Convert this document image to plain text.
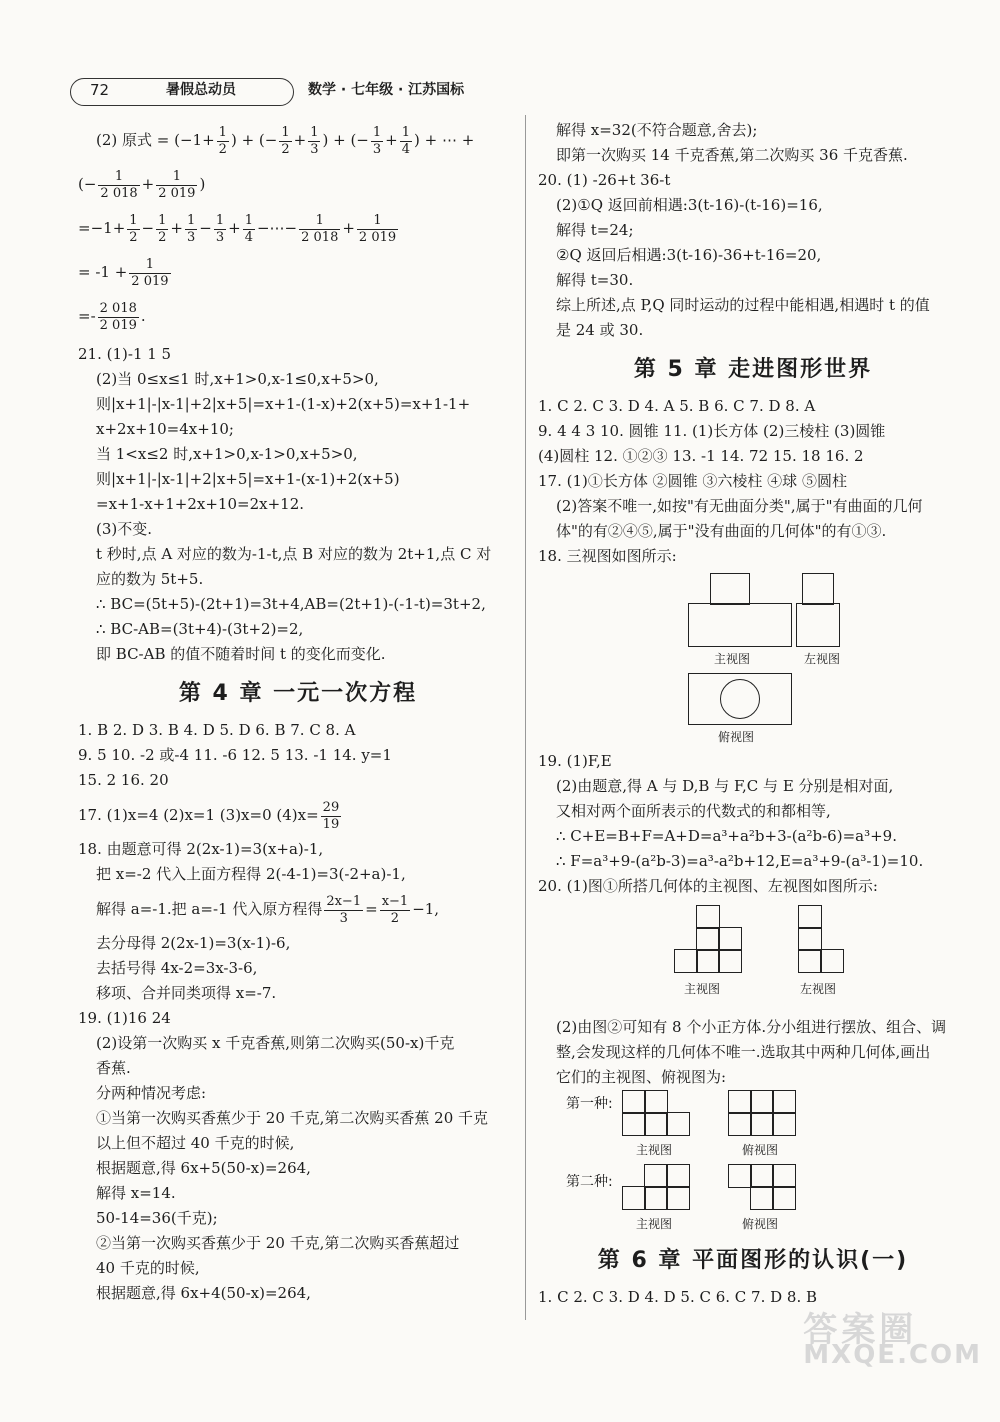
72	暑假总动员	数学 · 七年级 · 江苏国标
(2) 原式 = ($-1+ \frac{1}{2}$ ) + (− $\frac{1}{2} + \frac{1}{3}$ ) + (− $\frac{1}{3} + \frac{1}{4}$ ) + ⋯ +
(− $\frac{1}{2 018} + \frac{1}{2 019}$ )
$=-1+ \frac{1}{2} - \frac{1}{2} + \frac{1}{3} - \frac{1}{3} + \frac{1}{4}$ −⋯− $\frac{1}{2 018} + \frac{1}{2 019}$
= $-1 + \frac{1}{2 019}$
=- $\frac{2 018}{2 019}$ .
21. (1)-1 1 5
(2)当 0≤x≤1 时,x+1>0,x-1≤0,x+5>0,
则|x+1|-|x-1|+2|x+5|=x+1-(1-x)+2(x+5)=x+1-1+
x+2x+10=4x+10;
当 1<x≤2 时,x+1>0,x-1>0,x+5>0,
则|x+1|-|x-1|+2|x+5|=x+1-(x-1)+2(x+5)
=x+1-x+1+2x+10=2x+12.
(3)不变.
t 秒时,点 A 对应的数为-1-t,点 B 对应的数为 2t+1,点 C 对
应的数为 5t+5.
∴ BC=(5t+5)-(2t+1)=3t+4,AB=(2t+1)-(-1-t)=3t+2,
∴ BC-AB=(3t+4)-(3t+2)=2,
即 BC-AB 的值不随着时间 t 的变化而变化.
第 4 章 一元一次方程
1. B 2. D 3. B 4. D 5. D 6. B 7. C 8. A
9. 5 10. -2 或-4 11. -6 12. 5 13. -1 14. y=1
15. 2 16. 20
17. (1)x=4 (2)x=1 (3)x=0 $(4)x= \frac{29}{19}$
18. 由题意可得 2(2x-1)=3(x+a)-1,
把 x=-2 代入上面方程得 2(-4-1)=3(-2+a)-1,
解得 a=-1.把 a=-1 代入原方程得 $\frac{2x-1}{3} = \frac{x-1}{2} -1$,
去分母得 2(2x-1)=3(x-1)-6,
去括号得 4x-2=3x-3-6,
移项、合并同类项得 x=-7.
19. (1)16 24
(2)设第一次购买 x 千克香蕉,则第二次购买(50-x)千克
香蕉.
分两种情况考虑:
①当第一次购买香蕉少于 20 千克,第二次购买香蕉 20 千克
以上但不超过 40 千克的时候,
根据题意,得 6x+5(50-x)=264,
解得 x=14.
50-14=36(千克);
②当第一次购买香蕉少于 20 千克,第二次购买香蕉超过
40 千克的时候,
根据题意,得 6x+4(50-x)=264,
解得 x=32(不符合题意,舍去);
即第一次购买 14 千克香蕉,第二次购买 36 千克香蕉.
20. (1) -26+t 36-t
(2)①Q 返回前相遇:3(t-16)-(t-16)=16,
解得 t=24;
②Q 返回后相遇:3(t-16)-36+t-16=20,
解得 t=30.
综上所述,点 P,Q 同时运动的过程中能相遇,相遇时 t 的值
是 24 或 30.
第 5 章 走进图形世界
1. C 2. C 3. D 4. A 5. B 6. C 7. D 8. A
9. 4 4 3 10. 圆锥 11. (1)长方体 (2)三棱柱 (3)圆锥
(4)圆柱 12. ①②③ 13. -1 14. 72 15. 18 16. 2
17. (1)①长方体 ②圆锥 ③六棱柱 ④球 ⑤圆柱
(2)答案不唯一,如按"有无曲面分类",属于"有曲面的几何
体"的有②④⑤,属于"没有曲面的几何体"的有①③.
18. 三视图如图所示:
主视图	左视图
俯视图
19. (1)F,E
(2)由题意,得 A 与 D,B 与 F,C 与 E 分别是相对面,
又相对两个面所表示的代数式的和都相等,
∴ C+E=B+F=A+D=a³+a²b+3-(a²b-6)=a³+9.
∴ F=a³+9-(a²b-3)=a³-a²b+12,E=a³+9-(a³-1)=10.
20. (1)图①所搭几何体的主视图、左视图如图所示:
主视图	左视图
(2)由图②可知有 8 个小正方体.分小组进行摆放、组合、调
整,会发现这样的几何体不唯一.选取其中两种几何体,画出
它们的主视图、俯视图为:
第一种:
主视图	俯视图
第二种:
主视图	俯视图
第 6 章 平面图形的认识(一)
1. C 2. C 3. D 4. D 5. C 6. C 7. D 8. B
答案圈
MXQE.COM
